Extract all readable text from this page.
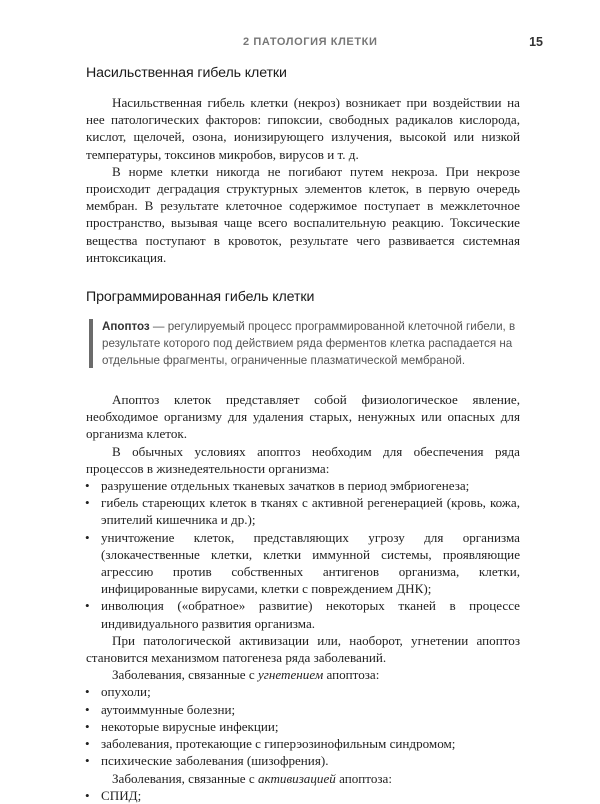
2 ПАТОЛОГИЯ КЛЕТКИ	15
Насильственная гибель клетки

Насильственная гибель клетки (некроз) возникает при воздействии на нее патологических факторов: гипоксии, свободных радикалов кислорода, кислот, щелочей, озона, ионизирующего излучения, высокой или низкой температуры, токсинов микробов, вирусов и т. д.

В норме клетки никогда не погибают путем некроза. При некрозе происходит деградация структурных элементов клеток, в первую очередь мембран. В результате клеточное содержимое поступает в межклеточное пространство, вызывая чаще всего воспалительную реакцию. Токсические вещества поступают в кровоток, результате чего развивается системная интоксикация.

Программированная гибель клетки

Апоптоз — регулируемый процесс программированной клеточной гибели, в результате которого под действием ряда ферментов клетка распадается на отдельные фрагменты, ограниченные плазматической мембраной.

Апоптоз клеток представляет собой физиологическое явление, необходимое организму для удаления старых, ненужных или опасных для организма клеток.

В обычных условиях апоптоз необходим для обеспечения ряда процессов в жизнедеятельности организма:

• разрушение отдельных тканевых зачатков в период эмбриогенеза;
• гибель стареющих клеток в тканях с активной регенерацией (кровь, кожа, эпителий кишечника и др.);
• уничтожение клеток, представляющих угрозу для организма (злокачественные клетки, клетки иммунной системы, проявляющие агрессию против собственных антигенов организма, клетки, инфицированные вирусами, клетки с повреждением ДНК);
• инволюция («обратное» развитие) некоторых тканей в процессе индивидуального развития организма.

При патологической активизации или, наоборот, угнетении апоптоз становится механизмом патогенеза ряда заболеваний.

Заболевания, связанные с угнетением апоптоза:

• опухоли;
• аутоиммунные болезни;
• некоторые вирусные инфекции;
• заболевания, протекающие с гиперэозинофильным синдромом;
• психические заболевания (шизофрения).

Заболевания, связанные с активизацией апоптоза:

• СПИД;
